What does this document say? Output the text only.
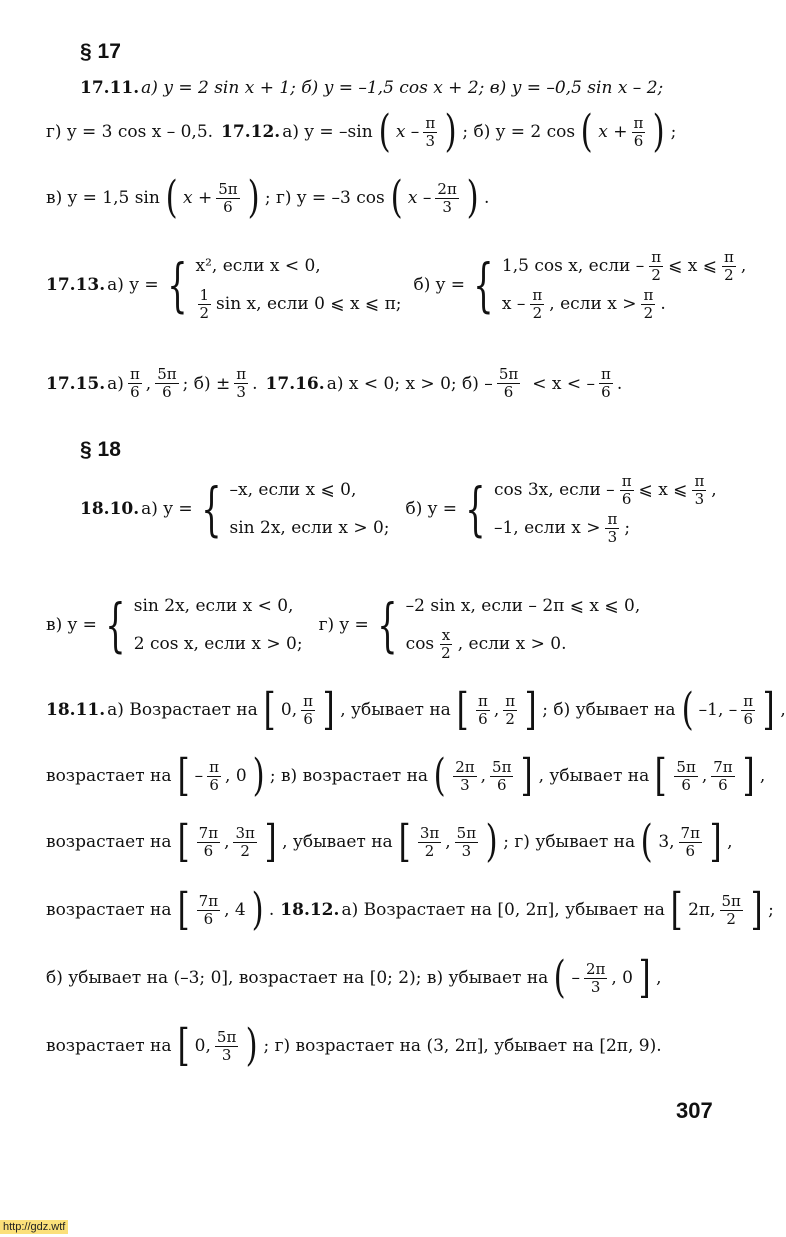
§ 17
17.11. а) y = 2 sin x + 1; б) y = –1,5 cos x + 2; в) y = –0,5 sin x – 2;
г) y = 3 cos x – 0,5. 17.12. а) y = –sin ( x – $\frac{\pi}{3}$ ) ; б) y = 2 cos ( $x + \frac{\pi}{6}$ ) ;
в) y = 1,5 sin ( $x + \frac{5\pi}{6}$ ) ; г) y = –3 cos ( x – $\frac{2\pi}{3}$ ) .
17.13. а) y = { x², если x < 0,
$\frac{1}{2}$ sin x, если 0 ⩽ x ⩽ π;
б) y = { 1,5 cos x, если – $\frac{\pi}{2}$ ⩽ x ⩽ $\frac{\pi}{2}$ ,
x – $\frac{\pi}{2}$ , если $x > \frac{\pi}{2}$ .
17.15. $а) \frac{\pi}{6}$ , $\frac{5\pi}{6}$ ; $б) \pm \frac{\pi}{3}$ . 17.16. а) x < 0; x > 0; $б) - \frac{5\pi}{6} < x$ < – $\frac{\pi}{6}$ .
§ 18
18.10. а) y = { –x, если x ⩽ 0,
sin 2x, если x > 0;
б) y = { cos 3x, если – $\frac{\pi}{6}$ ⩽ x ⩽ $\frac{\pi}{3}$ ,
–1, если $x > \frac{\pi}{3}$ ;
в) y = { sin 2x, если x < 0,
2 cos x, если x > 0;
г) y = { –2 sin x, если – 2π ⩽ x ⩽ 0,
$\cos \frac{x}{2}$ , если x > 0.
18.11. а) Возрастает на [ 0, $\frac{\pi}{6}$ ] , убывает на [ $\frac{\pi}{6}$ , $\frac{\pi}{2}$ ] ; б) убывает на ( –1, – $\frac{\pi}{6}$ ] ,
возрастает на [ – $\frac{\pi}{6}$ , 0 ) ; в) возрастает на ( $\frac{2\pi}{3}$ , $\frac{5\pi}{6}$ ] , убывает на [ $\frac{5\pi}{6}$ , $\frac{7\pi}{6}$ ] ,
возрастает на [ $\frac{7\pi}{6}$ , $\frac{3\pi}{2}$ ] , убывает на [ $\frac{3\pi}{2}$ , $\frac{5\pi}{3}$ ) ; г) убывает на ( 3, $\frac{7\pi}{6}$ ] ,
возрастает на [ $\frac{7\pi}{6}$ , 4 ) . 18.12. а) Возрастает на [0, 2π], убывает на [ 2π, $\frac{5\pi}{2}$ ] ;
б) убывает на (–3; 0], возрастает на [0; 2); в) убывает на ( – $\frac{2\pi}{3}$ , 0 ] ,
возрастает на [ 0, $\frac{5\pi}{3}$ ) ; г) возрастает на (3, 2π], убывает на [2π, 9).
307
http://gdz.wtf
